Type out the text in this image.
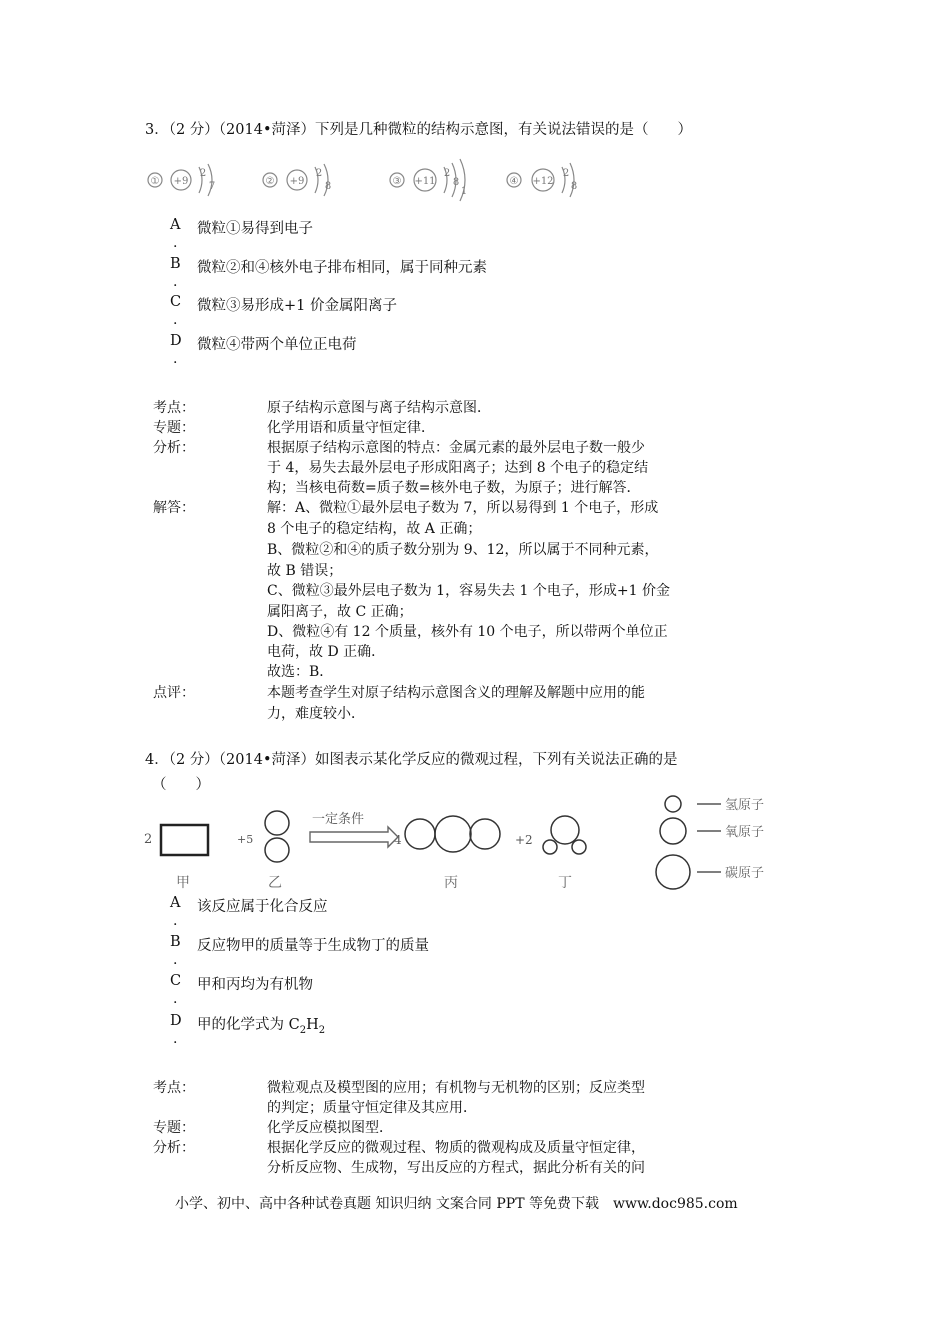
3．（2 分）（2014•菏泽）下列是几种微粒的结构示意图，有关说法错误的是（　　）
① +9
2
7	② +9
2
8	③ +11
2
8
1
④ +12
2
8
A
.
微粒①易得到电子
B
.
微粒②和④核外电子排布相同，属于同种元素
C
.
微粒③易形成+1 价金属阳离子
D
.
微粒④带两个单位正电荷
考点：	原子结构示意图与离子结构示意图．
专题：	化学用语和质量守恒定律．
分析：	根据原子结构示意图的特点：金属元素的最外层电子数一般少
于 4，易失去最外层电子形成阳离子；达到 8 个电子的稳定结
构；当核电荷数=质子数=核外电子数，为原子；进行解答．
解答：	解：A、微粒①最外层电子数为 7，所以易得到 1 个电子，形成
8 个电子的稳定结构，故 A 正确；
B、微粒②和④的质子数分别为 9、12，所以属于不同种元素，
故 B 错误；
C、微粒③最外层电子数为 1，容易失去 1 个电子，形成+1 价金
属阳离子，故 C 正确；
D、微粒④有 12 个质量，核外有 10 个电子，所以带两个单位正
电荷，故 D 正确．
故选：B．
点评：	本题考查学生对原子结构示意图含义的理解及解题中应用的能
力，难度较小．
4．（2 分）（2014•菏泽）如图表示某化学反应的微观过程，下列有关说法正确的是
（　　）
2	+5	4	+2
一定条件
甲	乙	丙	丁
氢原子
氧原子
碳原子
A
.
该反应属于化合反应
B
.
反应物甲的质量等于生成物丁的质量
C
.
甲和丙均为有机物
D
.
甲的化学式为 $C_2H_2$
考点：	微粒观点及模型图的应用；有机物与无机物的区别；反应类型
的判定；质量守恒定律及其应用．
专题：	化学反应模拟图型．
分析：	根据化学反应的微观过程、物质的微观构成及质量守恒定律，
分析反应物、生成物，写出反应的方程式，据此分析有关的问
小学、初中、高中各种试卷真题 知识归纳 文案合同 PPT 等免费下载　www.doc985.com
